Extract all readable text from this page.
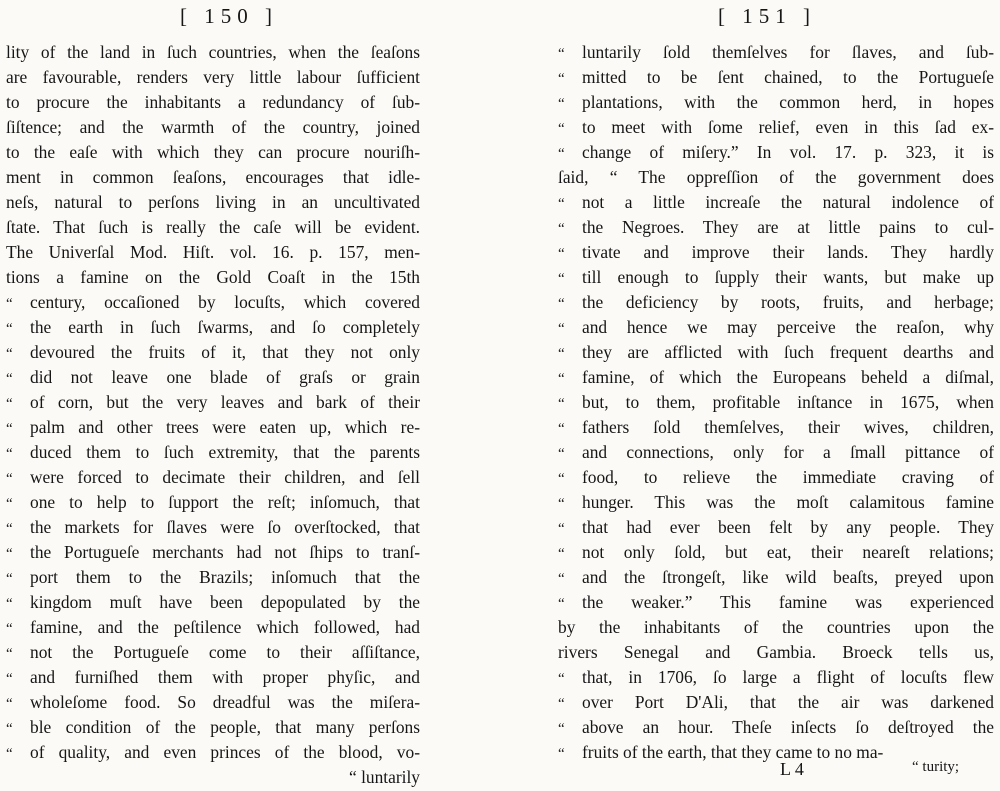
[ 150 ]
lity of the land in ſuch countries, when the ſeaſons
are favourable, renders very little labour ſufficient
to procure the inhabitants a redundancy of ſub-
ſiſtence; and the warmth of the country, joined
to the eaſe with which they can procure nouriſh-
ment in common ſeaſons, encourages that idle-
neſs, natural to perſons living in an uncultivated
ſtate. That ſuch is really the caſe will be evident.
The Univerſal Mod. Hiſt. vol. 16. p. 157, men-
tions a famine on the Gold Coaſt in the 15th
“ century, occaſioned by locuſts, which covered
“ the earth in ſuch ſwarms, and ſo completely
“ devoured the fruits of it, that they not only
“ did not leave one blade of graſs or grain
“ of corn, but the very leaves and bark of their
“ palm and other trees were eaten up, which re-
“ duced them to ſuch extremity, that the parents
“ were forced to decimate their children, and ſell
“ one to help to ſupport the reſt; inſomuch, that
“ the markets for ſlaves were ſo overſtocked, that
“ the Portugueſe merchants had not ſhips to tranſ-
“ port them to the Brazils; inſomuch that the
“ kingdom muſt have been depopulated by the
“ famine, and the peſtilence which followed, had
“ not the Portugueſe come to their aſſiſtance,
“ and furniſhed them with proper phyſic, and
“ wholeſome food. So dreadful was the miſera-
“ ble condition of the people, that many perſons
“ of quality, and even princes of the blood, vo-
“ luntarily
[ 151 ]
“ luntarily ſold themſelves for ſlaves, and ſub-
“ mitted to be ſent chained, to the Portugueſe
“ plantations, with the common herd, in hopes
“ to meet with ſome relief, even in this ſad ex-
“ change of miſery.” In vol. 17. p. 323, it is
ſaid, “ The oppreſſion of the government does
“ not a little increaſe the natural indolence of
“ the Negroes. They are at little pains to cul-
“ tivate and improve their lands. They hardly
“ till enough to ſupply their wants, but make up
“ the deficiency by roots, fruits, and herbage;
“ and hence we may perceive the reaſon, why
“ they are afflicted with ſuch frequent dearths and
“ famine, of which the Europeans beheld a diſmal,
“ but, to them, profitable inſtance in 1675, when
“ fathers ſold themſelves, their wives, children,
“ and connections, only for a ſmall pittance of
“ food, to relieve the immediate craving of
“ hunger. This was the moſt calamitous famine
“ that had ever been felt by any people. They
“ not only ſold, but eat, their neareſt relations;
“ and the ſtrongeſt, like wild beaſts, preyed upon
“ the weaker.” This famine was experienced
by the inhabitants of the countries upon the
rivers Senegal and Gambia. Broeck tells us,
“ that, in 1706, ſo large a flight of locuſts flew
“ over Port D'Ali, that the air was darkened
“ above an hour. Theſe inſects ſo deſtroyed the
“ fruits of the earth, that they came to no ma-
L 4	“ turity;
